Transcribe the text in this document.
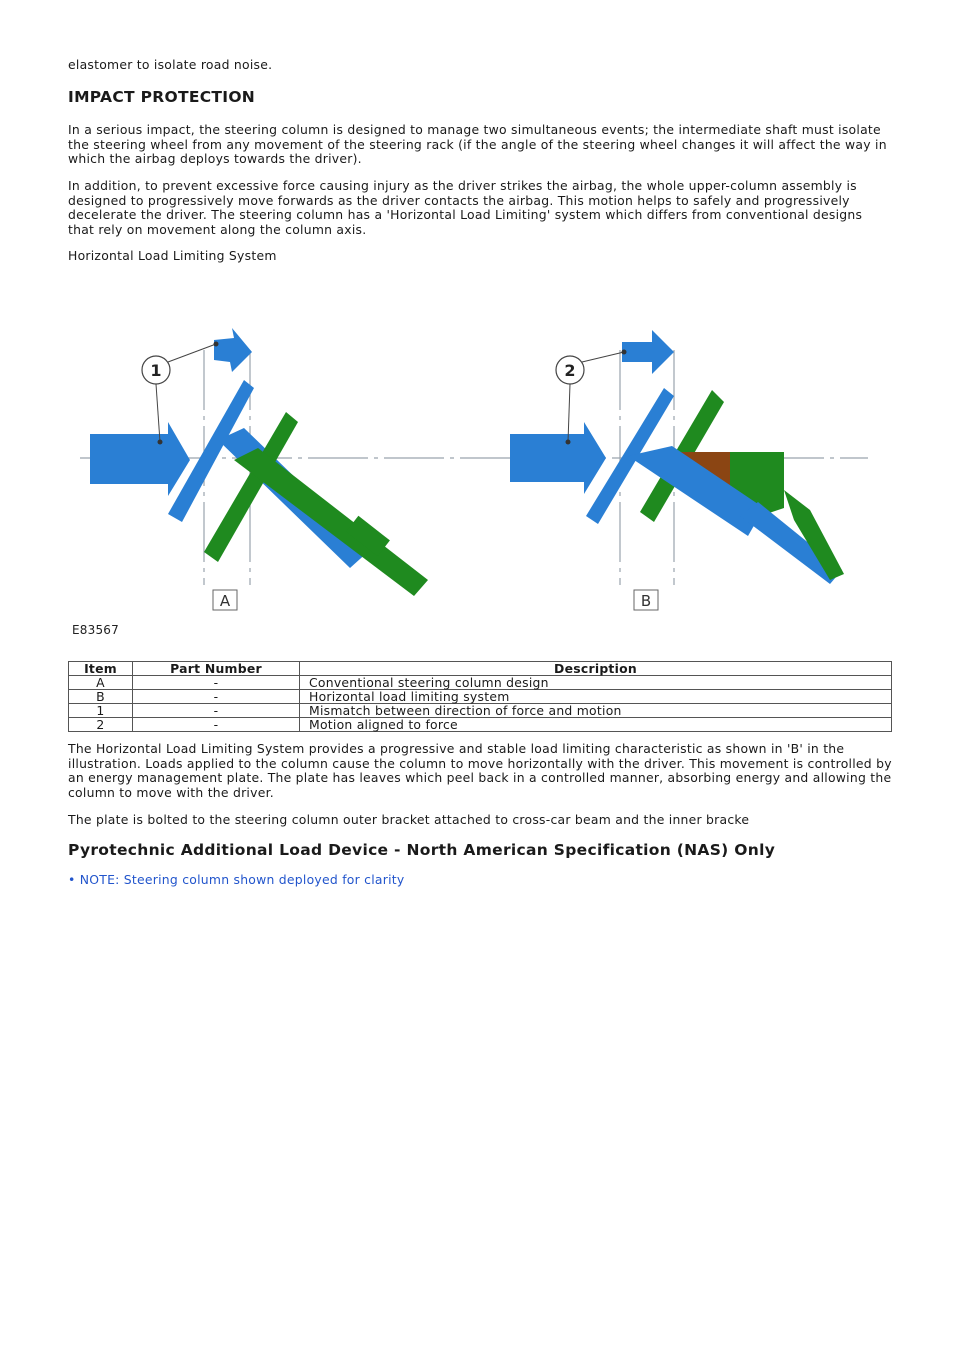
elastomer to isolate road noise.

IMPACT PROTECTION

In a serious impact, the steering column is designed to manage two simultaneous events; the intermediate shaft must isolate the steering wheel from any movement of the steering rack (if the angle of the steering wheel changes it will affect the way in which the airbag deploys towards the driver).

In addition, to prevent excessive force causing injury as the driver strikes the airbag, the whole upper-column assembly is designed to progressively move forwards as the driver contacts the airbag. This motion helps to safely and progressively decelerate the driver. The steering column has a 'Horizontal Load Limiting' system which differs from conventional designs that rely on movement along the column axis.

Horizontal Load Limiting System

1
A
2
B
E83567
Item	Part Number	Description
A	-	Conventional steering column design
B	-	Horizontal load limiting system
1	-	Mismatch between direction of force and motion
2	-	Motion aligned to force

The Horizontal Load Limiting System provides a progressive and stable load limiting characteristic as shown in 'B' in the illustration. Loads applied to the column cause the column to move horizontally with the driver. This movement is controlled by an energy management plate. The plate has leaves which peel back in a controlled manner, absorbing energy and allowing the column to move with the driver.

The plate is bolted to the steering column outer bracket attached to cross-car beam and the inner bracke

Pyrotechnic Additional Load Device - North American Specification (NAS) Only

• NOTE: Steering column shown deployed for clarity
